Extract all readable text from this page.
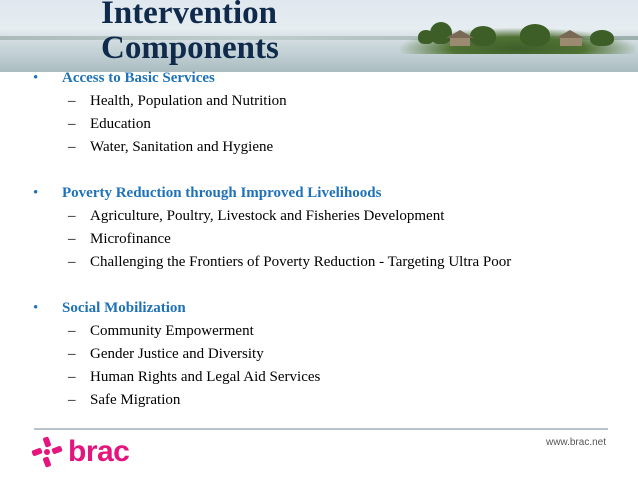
Intervention
Components
• Access to Basic Services
– Health, Population and Nutrition
– Education
– Water, Sanitation and Hygiene
• Poverty Reduction through Improved Livelihoods
– Agriculture, Poultry, Livestock and Fisheries Development
– Microfinance
– Challenging the Frontiers of Poverty Reduction - Targeting Ultra Poor
• Social Mobilization
– Community Empowerment
– Gender Justice and Diversity
– Human Rights and Legal Aid Services
– Safe Migration
brac	www.brac.net
